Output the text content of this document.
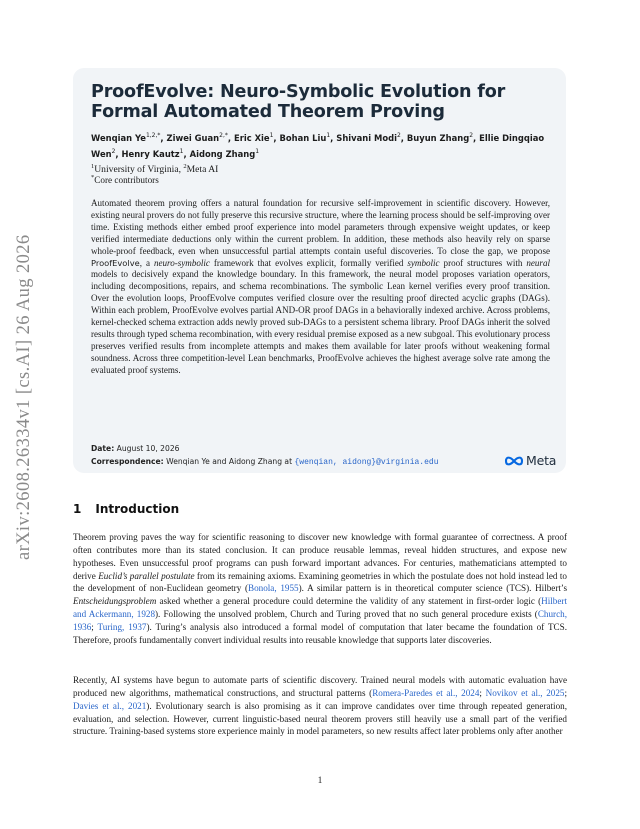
arXiv:2608.26334v1 [cs.AI] 26 Aug 2026
ProofEvolve: Neuro-Symbolic Evolution for Formal Automated Theorem Proving
Wenqian $Ye^{1,2,*}$, Ziwei Guan$^{2,*}$, Eric Xie$^1$, Bohan Liu$^1$, Shivani Modi$^2$, Buyun Zhang$^2$, Ellie Dingqiao Wen$^2$, Henry Kautz$^1$, Aidong Zhang$^1$
$^1$University of Virginia, $^2$Meta AI
*Core contributors
Automated theorem proving offers a natural foundation for recursive self-improvement in scientific discovery. However, existing neural provers do not fully preserve this recursive structure, where the learning process should be self-improving over time. Existing methods either embed proof experience into model parameters through expensive weight updates, or keep verified intermediate deductions only within the current problem. In addition, these methods also heavily rely on sparse whole-proof feedback, even when unsuccessful partial attempts contain useful discoveries. To close the gap, we propose ProofEvolve, a neuro-symbolic framework that evolves explicit, formally verified symbolic proof structures with neural models to decisively expand the knowledge boundary. In this framework, the neural model proposes variation operators, including decompositions, repairs, and schema recombinations. The symbolic Lean kernel verifies every proof transition. Over the evolution loops, ProofEvolve computes verified closure over the resulting proof directed acyclic graphs (DAGs). Within each problem, ProofEvolve evolves partial AND-OR proof DAGs in a behaviorally indexed archive. Across problems, kernel-checked schema extraction adds newly proved sub-DAGs to a persistent schema library. Proof DAGs inherit the solved results through typed schema recombination, with every residual premise exposed as a new subgoal. This evolutionary process preserves verified results from incomplete attempts and makes them available for later proofs without weakening formal soundness. Across three competition-level Lean benchmarks, ProofEvolve achieves the highest average solve rate among the evaluated proof systems.
Date: August 10, 2026
Correspondence: Wenqian Ye and Aidong Zhang at {wenqian, aidong}@virginia.edu	Meta
1 Introduction

Theorem proving paves the way for scientific reasoning to discover new knowledge with formal guarantee of correctness. A proof often contributes more than its stated conclusion. It can produce reusable lemmas, reveal hidden structures, and expose new hypotheses. Even unsuccessful proof programs can push forward important advances. For centuries, mathematicians attempted to derive Euclid’s parallel postulate from its remaining axioms. Examining geometries in which the postulate does not hold instead led to the development of non-Euclidean geometry (Bonola, 1955). A similar pattern is in theoretical computer science (TCS). Hilbert’s Entscheidungsproblem asked whether a general procedure could determine the validity of any statement in first-order logic (Hilbert and Ackermann, 1928). Following the unsolved problem, Church and Turing proved that no such general procedure exists (Church, 1936; Turing, 1937). Turing’s analysis also introduced a formal model of computation that later became the foundation of TCS. Therefore, proofs fundamentally convert individual results into reusable knowledge that supports later discoveries.

Recently, AI systems have begun to automate parts of scientific discovery. Trained neural models with automatic evaluation have produced new algorithms, mathematical constructions, and structural patterns (Romera-Paredes et al., 2024; Novikov et al., 2025; Davies et al., 2021). Evolutionary search is also promising as it can improve candidates over time through repeated generation, evaluation, and selection. However, current linguistic-based neural theorem provers still heavily use a small part of the verified structure. Training-based systems store experience mainly in model parameters, so new results affect later problems only after another

1
